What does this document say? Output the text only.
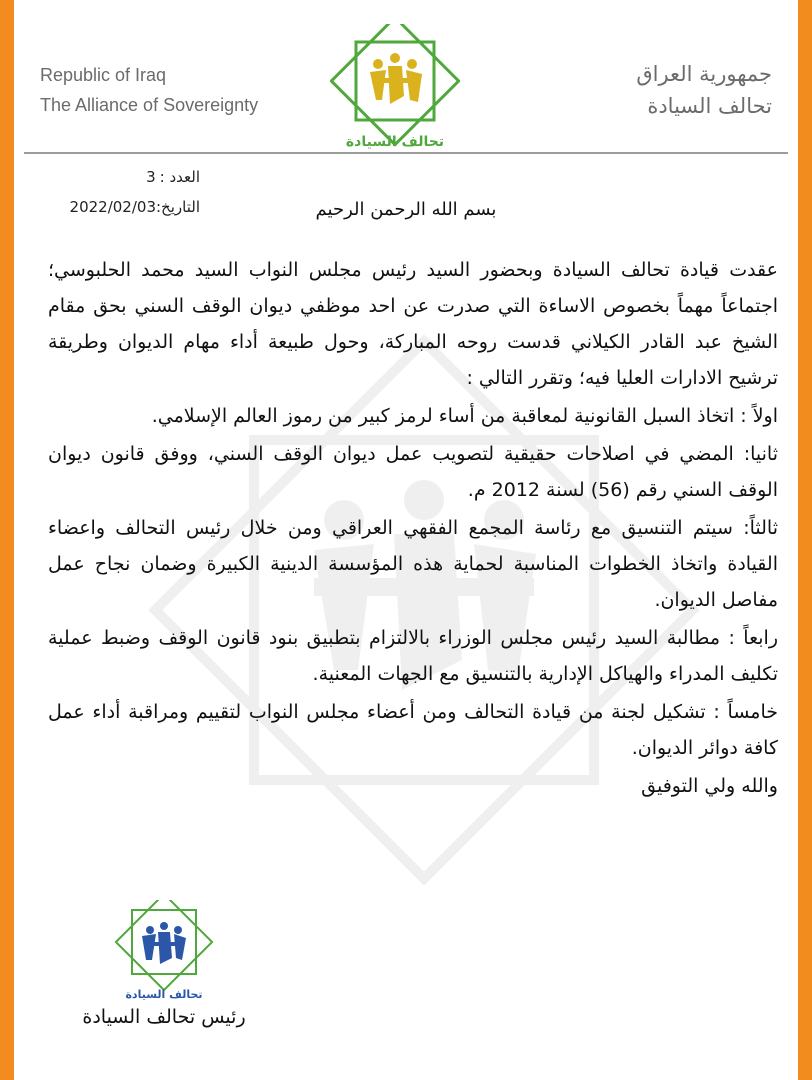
Republic of Iraq
The Alliance of Sovereignty
تحالف السيادة
جمهورية العراق
تحالف السيادة
العدد :3
التاريخ:2022/02/03	بسم الله الرحمن الرحيم

عقدت قيادة تحالف السيادة وبحضور السيد رئيس مجلس النواب السيد محمد الحلبوسي؛ اجتماعاً مهماً بخصوص الاساءة التي صدرت عن احد موظفي ديوان الوقف السني بحق مقام الشيخ عبد القادر الكيلاني قدست روحه المباركة، وحول طبيعة أداء مهام الديوان وطريقة ترشيح الادارات العليا فيه؛ وتقرر التالي :

اولاً : اتخاذ السبل القانونية لمعاقبة من أساء لرمز كبير من رموز العالم الإسلامي.

ثانيا: المضي في اصلاحات حقيقية لتصويب عمل ديوان الوقف السني، ووفق قانون ديوان الوقف السني رقم (56) لسنة 2012 م.

ثالثاً: سيتم التنسيق مع رئاسة المجمع الفقهي العراقي ومن خلال رئيس التحالف واعضاء القيادة واتخاذ الخطوات المناسبة لحماية هذه المؤسسة الدينية الكبيرة وضمان نجاح عمل مفاصل الديوان.

رابعاً : مطالبة السيد رئيس مجلس الوزراء بالالتزام بتطبيق بنود قانون الوقف وضبط عملية تكليف المدراء والهياكل الإدارية بالتنسيق مع الجهات المعنية.

خامساً : تشكيل لجنة من قيادة التحالف ومن أعضاء مجلس النواب لتقييم ومراقبة أداء عمل كافة دوائر الديوان.

والله ولي التوفيق

تحالف السيادة
رئيس تحالف السيادة
